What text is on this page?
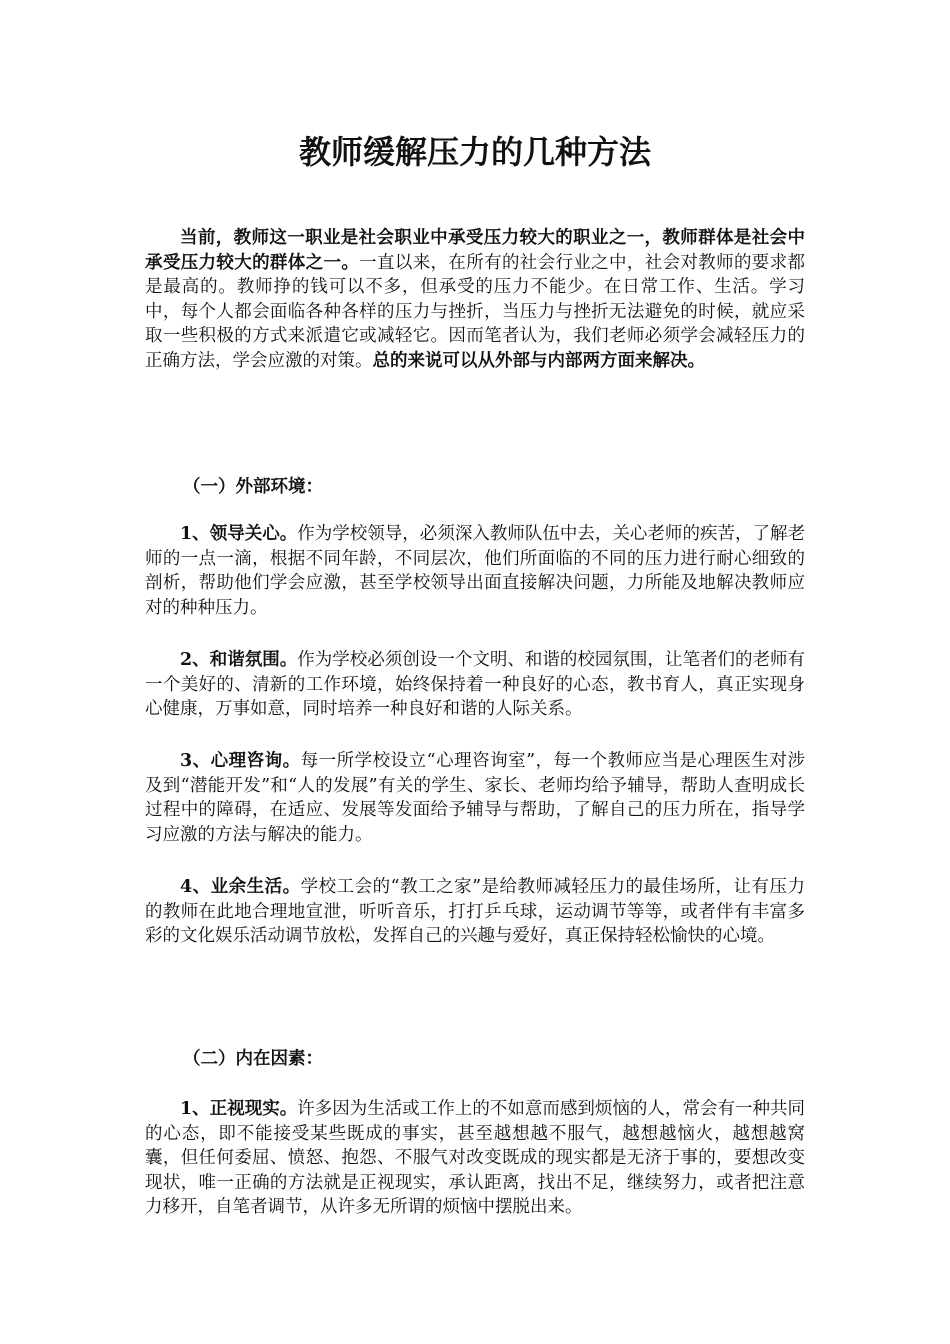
教师缓解压力的几种方法

当前，教师这一职业是社会职业中承受压力较大的职业之一，教师群体是社会中承受压力较大的群体之一。一直以来，在所有的社会行业之中，社会对教师的要求都是最高的。教师挣的钱可以不多，但承受的压力不能少。在日常工作、生活。学习中，每个人都会面临各种各样的压力与挫折，当压力与挫折无法避免的时候，就应采取一些积极的方式来派遣它或减轻它。因而笔者认为，我们老师必须学会减轻压力的正确方法，学会应激的对策。总的来说可以从外部与内部两方面来解决。

（一）外部环境：

1、领导关心。作为学校领导，必须深入教师队伍中去，关心老师的疾苦，了解老师的一点一滴，根据不同年龄，不同层次，他们所面临的不同的压力进行耐心细致的剖析，帮助他们学会应激，甚至学校领导出面直接解决问题，力所能及地解决教师应对的种种压力。

2、和谐氛围。作为学校必须创设一个文明、和谐的校园氛围，让笔者们的老师有一个美好的、清新的工作环境，始终保持着一种良好的心态，教书育人，真正实现身心健康，万事如意，同时培养一种良好和谐的人际关系。

3、心理咨询。每一所学校设立“心理咨询室”，每一个教师应当是心理医生对涉及到“潜能开发”和“人的发展”有关的学生、家长、老师均给予辅导，帮助人查明成长过程中的障碍，在适应、发展等发面给予辅导与帮助，了解自己的压力所在，指导学习应激的方法与解决的能力。

4、业余生活。学校工会的“教工之家”是给教师减轻压力的最佳场所，让有压力的教师在此地合理地宣泄，听听音乐，打打乒乓球，运动调节等等，或者伴有丰富多彩的文化娱乐活动调节放松，发挥自己的兴趣与爱好，真正保持轻松愉快的心境。

（二）内在因素：

1、正视现实。许多因为生活或工作上的不如意而感到烦恼的人，常会有一种共同的心态，即不能接受某些既成的事实，甚至越想越不服气，越想越恼火，越想越窝囊，但任何委屈、愤怒、抱怨、不服气对改变既成的现实都是无济于事的，要想改变现状，唯一正确的方法就是正视现实，承认距离，找出不足，继续努力，或者把注意力移开，自笔者调节，从许多无所谓的烦恼中摆脱出来。
